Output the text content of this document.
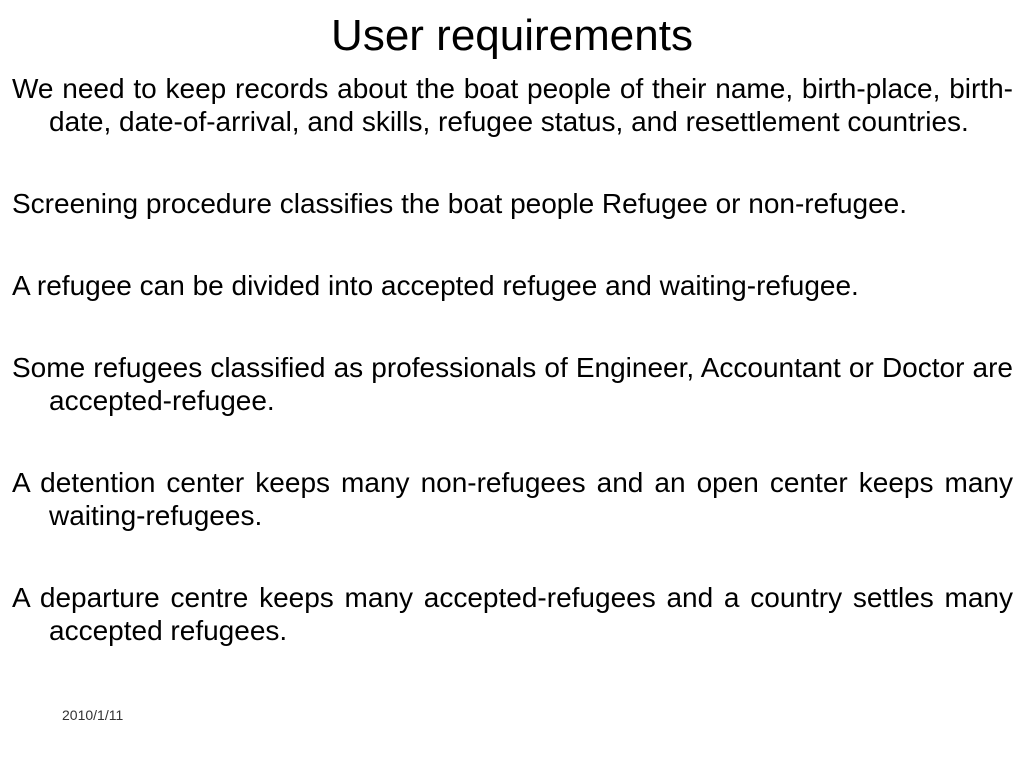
User requirements
We need to keep records about the boat people of their name, birth-place, birth-date, date-of-arrival, and skills, refugee status, and resettlement countries.
Screening procedure classifies the boat people Refugee or non-refugee.
A refugee can be divided into accepted refugee and waiting-refugee.
Some refugees classified as professionals of Engineer, Accountant or Doctor are accepted-refugee.
A detention center keeps many non-refugees and an open center keeps many waiting-refugees.
A departure centre keeps many accepted-refugees and a country settles many accepted refugees.
2010/1/11
